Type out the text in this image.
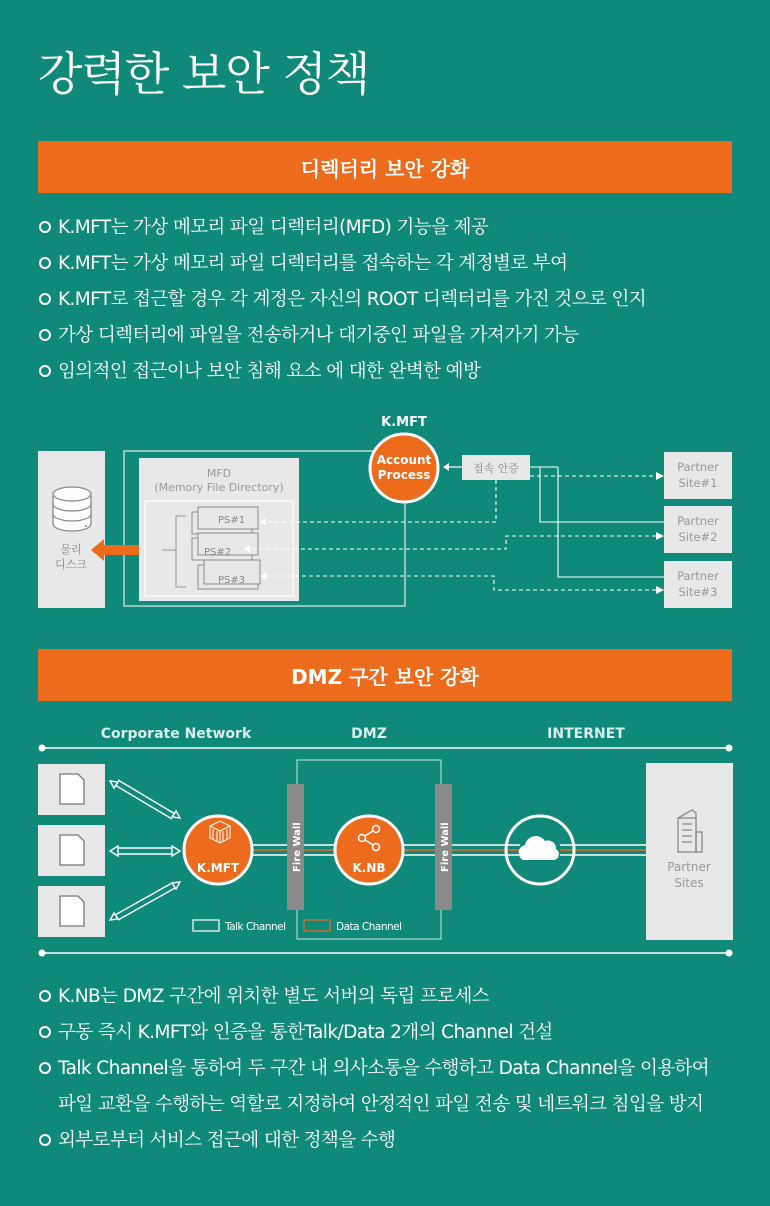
강력한 보안 정책
디렉터리 보안 강화
K.MFT는 가상 메모리 파일 디렉터리(MFD) 기능을 제공
K.MFT는 가상 메모리 파일 디렉터리를 접속하는 각 계정별로 부여
K.MFT로 접근할 경우 각 계정은 자신의 ROOT 디렉터리를 가진 것으로 인지
가상 디렉터리에 파일을 전송하거나 대기중인 파일을 가져가기 가능
임의적인 접근이나 보안 침해 요소 에 대한 완벽한 예방
K.MFT
물리
디스크
MFD
(Memory File Directory)
PS#1
PS#2
PS#3
Account
Process	접속 안증	Partner
Site#1
Partner
Site#2
Partner
Site#3
DMZ 구간 보안 강화
Corporate Network	DMZ	INTERNET
K.MFT	Fire Wall	K.NB	Fire Wall	Partner
Sites
Talk Channel	Data Channel
K.NB는 DMZ 구간에 위치한 별도 서버의 독립 프로세스
구동 즉시 K.MFT와 인증을 통한Talk/Data 2개의 Channel 건설
Talk Channel을 통하여 두 구간 내 의사소통을 수행하고 Data Channel을 이용하여
파일 교환을 수행하는 역할로 지정하여 안정적인 파일 전송 및 네트워크 침입을 방지
외부로부터 서비스 접근에 대한 정책을 수행
